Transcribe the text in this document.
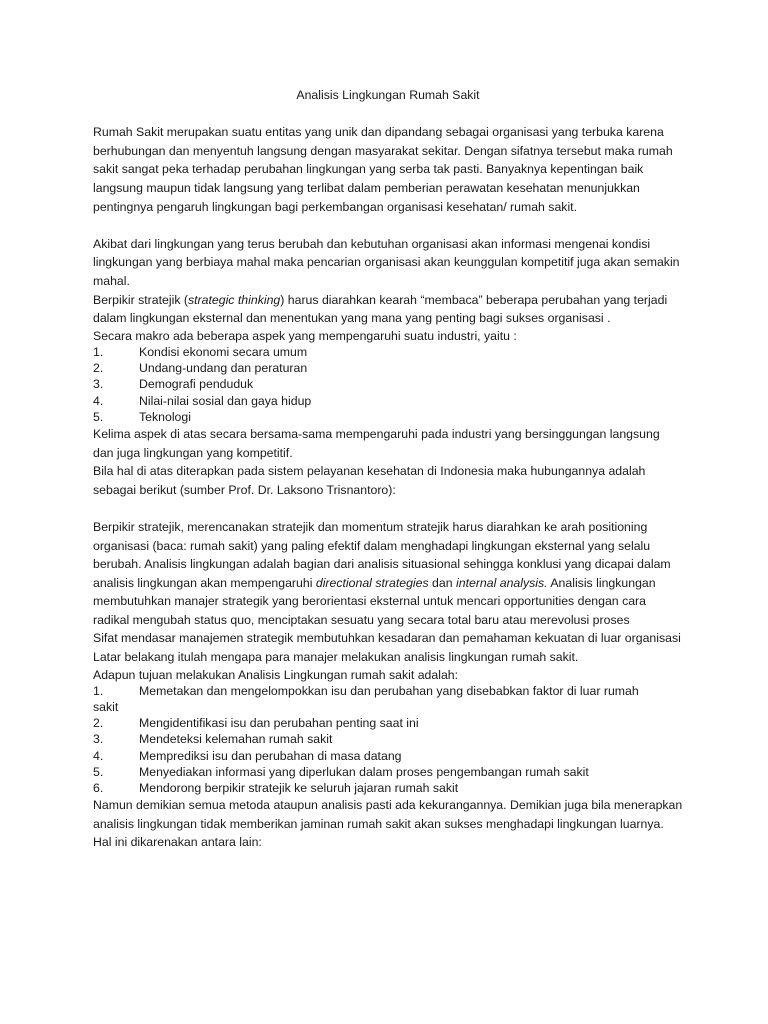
Analisis Lingkungan Rumah Sakit

Rumah Sakit merupakan suatu entitas yang unik dan dipandang sebagai organisasi yang terbuka karena berhubungan dan menyentuh langsung dengan masyarakat sekitar. Dengan sifatnya tersebut maka rumah sakit sangat peka terhadap perubahan lingkungan yang serba tak pasti. Banyaknya kepentingan baik langsung maupun tidak langsung yang terlibat dalam pemberian perawatan kesehatan menunjukkan pentingnya pengaruh lingkungan bagi perkembangan organisasi kesehatan/ rumah sakit.

Akibat dari lingkungan yang terus berubah dan kebutuhan organisasi akan informasi mengenai kondisi lingkungan yang berbiaya mahal maka pencarian organisasi akan keunggulan kompetitif juga akan semakin mahal.

Berpikir stratejik (strategic thinking) harus diarahkan kearah “membaca” beberapa perubahan yang terjadi dalam lingkungan eksternal dan menentukan yang mana yang penting bagi sukses organisasi .

Secara makro ada beberapa aspek yang mempengaruhi suatu industri, yaitu :

1.	Kondisi ekonomi secara umum
2.	Undang-undang dan peraturan
3.	Demografi penduduk
4.	Nilai-nilai sosial dan gaya hidup
5.	Teknologi

Kelima aspek di atas secara bersama-sama mempengaruhi pada industri yang bersinggungan langsung dan juga lingkungan yang kompetitif.

Bila hal di atas diterapkan pada sistem pelayanan kesehatan di Indonesia maka hubungannya adalah sebagai berikut (sumber Prof. Dr. Laksono Trisnantoro):

Berpikir stratejik, merencanakan stratejik dan momentum stratejik harus diarahkan ke arah positioning organisasi (baca: rumah sakit) yang paling efektif dalam menghadapi lingkungan eksternal yang selalu berubah. Analisis lingkungan adalah bagian dari analisis situasional sehingga konklusi yang dicapai dalam analisis lingkungan akan mempengaruhi directional strategies dan internal analysis. Analisis lingkungan membutuhkan manajer strategik yang berorientasi eksternal untuk mencari opportunities dengan cara radikal mengubah status quo, menciptakan sesuatu yang secara total baru atau merevolusi proses

Sifat mendasar manajemen strategik membutuhkan kesadaran dan pemahaman kekuatan di luar organisasi

Latar belakang itulah mengapa para manajer melakukan analisis lingkungan rumah sakit.

Adapun tujuan melakukan Analisis Lingkungan rumah sakit adalah:

1.	Memetakan dan mengelompokkan isu dan perubahan yang disebabkan faktor di luar rumah
sakit
2.	Mengidentifikasi isu dan perubahan penting saat ini
3.	Mendeteksi kelemahan rumah sakit
4.	Memprediksi isu dan perubahan di masa datang
5.	Menyediakan informasi yang diperlukan dalam proses pengembangan rumah sakit
6.	Mendorong berpikir stratejik ke seluruh jajaran rumah sakit

Namun demikian semua metoda ataupun analisis pasti ada kekurangannya. Demikian juga bila menerapkan analisis lingkungan tidak memberikan jaminan rumah sakit akan sukses menghadapi lingkungan luarnya. Hal ini dikarenakan antara lain:
